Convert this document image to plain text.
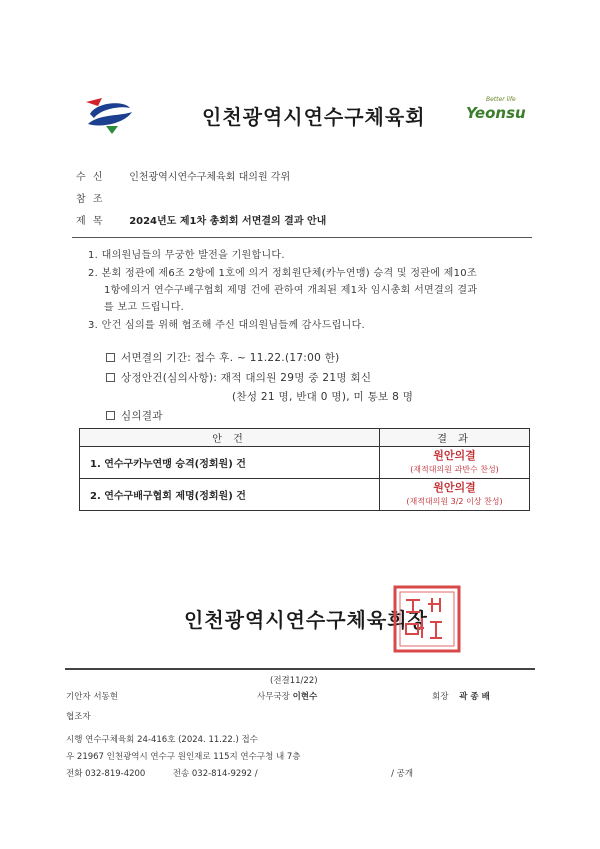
인천광역시연수구체육회
Better life
Yeonsu
수 신 인천광역시연수구체육회 대의원 각위
참 조
제 목 2024년도 제1차 총회회 서면결의 결과 안내
1. 대의원님들의 무궁한 발전을 기원합니다.
2. 본회 정관에 제6조 2항에 1호에 의거 정회원단체(카누연맹) 승격 및 정관에 제10조
1항에의거 연수구배구협회 제명 건에 관하여 개최된 제1차 임시총회 서면결의 결과
를 보고 드립니다.
3. 안건 심의를 위해 협조해 주신 대의원님들께 감사드립니다.
서면결의 기간: 접수 후. ~ 11.22.(17:00 한)
상정안건(심의사항): 재적 대의원 29명 중 21명 회신
(찬성 21 명, 반대 0 명), 미 통보 8 명
심의결과
안 건	결 과
1. 연수구카누연맹 승격(정회원) 건	원안의결
(재적대의원 과반수 찬성)

2. 연수구배구협회 제명(정회원) 건	원안의결
(재적대의원 3/2 이상 찬성)
인천광역시연수구체육회장
(전결11/22)
기안자 서동현	사무국장 이현수	회장 곽 종 배
협조자
시행 연수구체육회 24-416호 (2024. 11.22.) 접수
우 21967 인천광역시 연수구 원인재로 115지 연수구청 내 7층
전화 032-819-4200	전송 032-814-9292 /	/ 공개
